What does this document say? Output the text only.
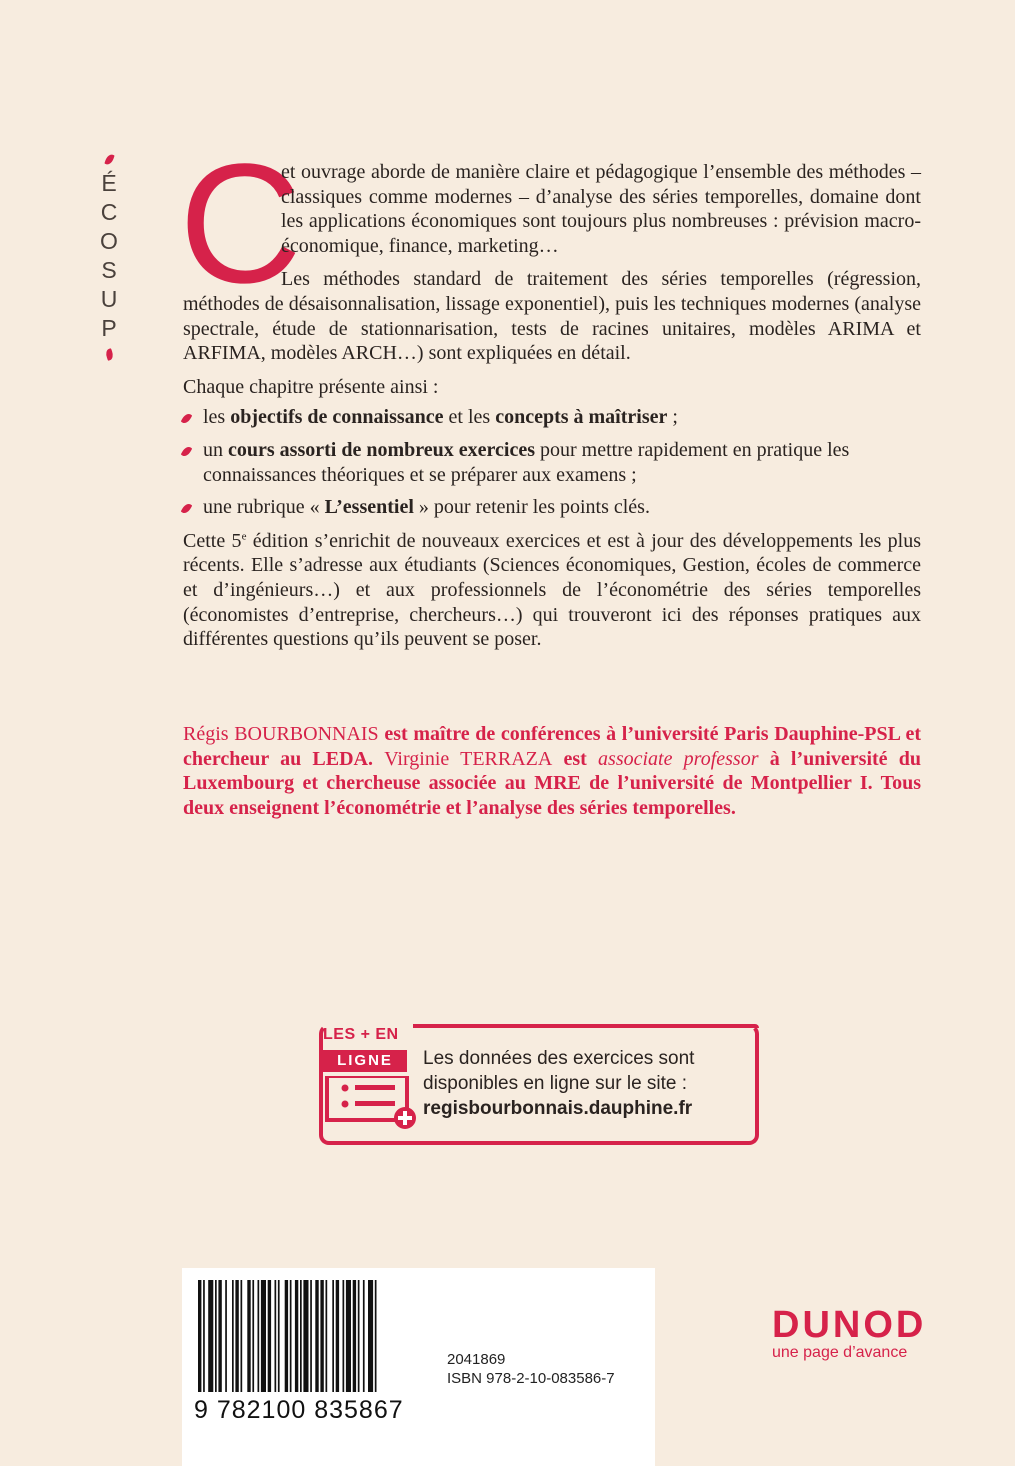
É
C
O
S
U
P

C
et ouvrage aborde de manière claire et pédagogique l’ensemble des méthodes – classiques comme modernes – d’analyse des séries temporelles, domaine dont les applications économiques sont toujours plus nombreuses : prévision macro-économique, finance, marketing…

Les méthodes standard de traitement des séries temporelles (régression, méthodes de désaisonnalisation, lissage exponentiel), puis les techniques modernes (analyse spectrale, étude de stationnarisation, tests de racines unitaires, modèles ARIMA et ARFIMA, modèles ARCH…) sont expliquées en détail.

Chaque chapitre présente ainsi :

les objectifs de connaissance et les concepts à maîtriser ;
un cours assorti de nombreux exercices pour mettre rapidement en pratique les connaissances théoriques et se préparer aux examens ;
une rubrique « L’essentiel » pour retenir les points clés.

Cette 5e édition s’enrichit de nouveaux exercices et est à jour des développements les plus récents. Elle s’adresse aux étudiants (Sciences économiques, Gestion, écoles de commerce et d’ingénieurs…) et aux professionnels de l’économétrie des séries temporelles (économistes d’entreprise, chercheurs…) qui trouveront ici des réponses pratiques aux différentes questions qu’ils peuvent se poser.

Régis BOURBONNAIS est maître de conférences à l’université Paris Dauphine-PSL et chercheur au LEDA. Virginie TERRAZA est associate professor à l’université du Luxembourg et chercheuse associée au MRE de l’université de Montpellier I. Tous deux enseignent l’économétrie et l’analyse des séries temporelles.
LES + EN
LIGNE	Les données des exercices sont
disponibles en ligne sur le site :
regisbourbonnais.dauphine.fr
9 782100 835867
2041869
ISBN 978-2-10-083586-7
DUNOD
une page d’avance
